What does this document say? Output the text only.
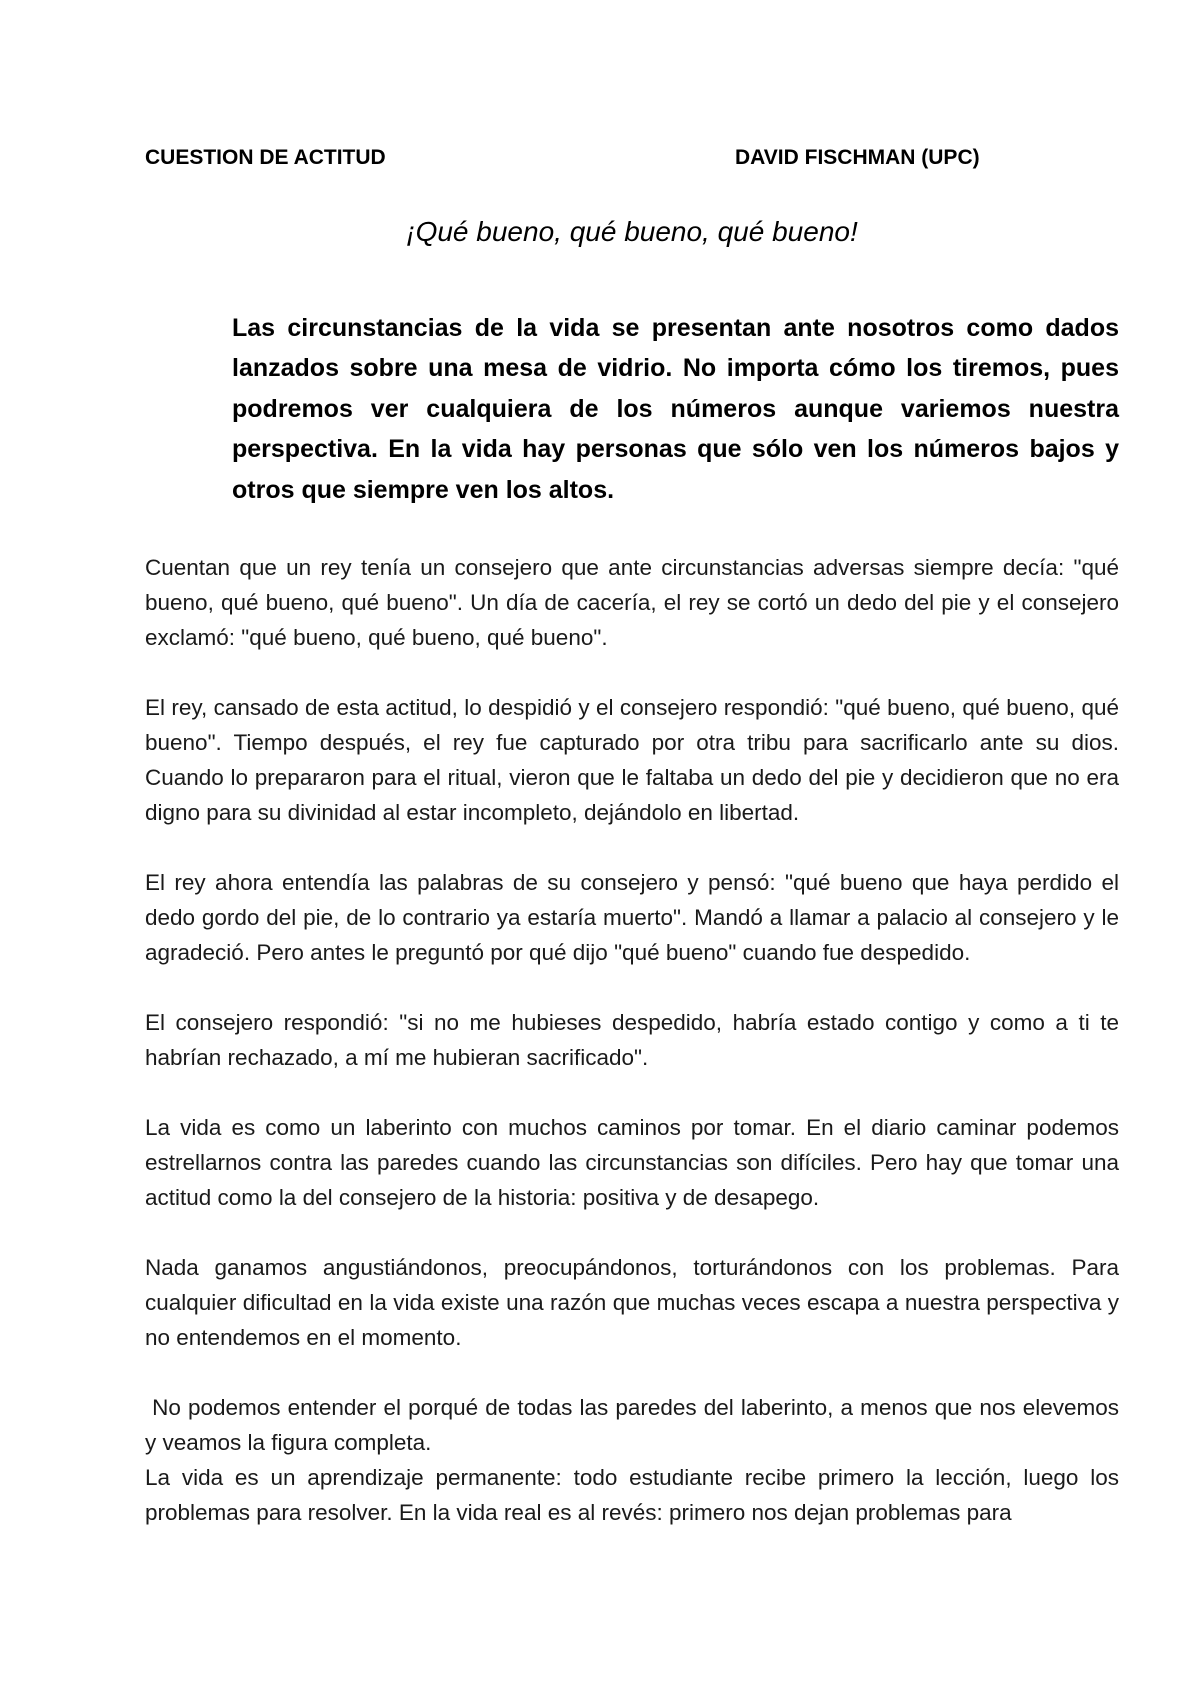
CUESTION DE ACTITUD	DAVID FISCHMAN (UPC)
¡Qué bueno, qué bueno, qué bueno!
Las circunstancias de la vida se presentan ante nosotros como dados lanzados sobre una mesa de vidrio. No importa cómo los tiremos, pues podremos ver cualquiera de los números aunque variemos nuestra perspectiva. En la vida hay personas que sólo ven los números bajos y otros que siempre ven los altos.

Cuentan que un rey tenía un consejero que ante circunstancias adversas siempre decía: "qué bueno, qué bueno, qué bueno". Un día de cacería, el rey se cortó un dedo del pie y el consejero exclamó: "qué bueno, qué bueno, qué bueno".

El rey, cansado de esta actitud, lo despidió y el consejero respondió: "qué bueno, qué bueno, qué bueno". Tiempo después, el rey fue capturado por otra tribu para sacrificarlo ante su dios. Cuando lo prepararon para el ritual, vieron que le faltaba un dedo del pie y decidieron que no era digno para su divinidad al estar incompleto, dejándolo en libertad.

El rey ahora entendía las palabras de su consejero y pensó: "qué bueno que haya perdido el dedo gordo del pie, de lo contrario ya estaría muerto". Mandó a llamar a palacio al consejero y le agradeció. Pero antes le preguntó por qué dijo "qué bueno" cuando fue despedido.

El consejero respondió: "si no me hubieses despedido, habría estado contigo y como a ti te habrían rechazado, a mí me hubieran sacrificado".

La vida es como un laberinto con muchos caminos por tomar. En el diario caminar podemos estrellarnos contra las paredes cuando las circunstancias son difíciles. Pero hay que tomar una actitud como la del consejero de la historia: positiva y de desapego.

Nada ganamos angustiándonos, preocupándonos, torturándonos con los problemas. Para cualquier dificultad en la vida existe una razón que muchas veces escapa a nuestra perspectiva y no entendemos en el momento.

No podemos entender el porqué de todas las paredes del laberinto, a menos que nos elevemos y veamos la figura completa.

La vida es un aprendizaje permanente: todo estudiante recibe primero la lección, luego los problemas para resolver. En la vida real es al revés: primero nos dejan problemas para
